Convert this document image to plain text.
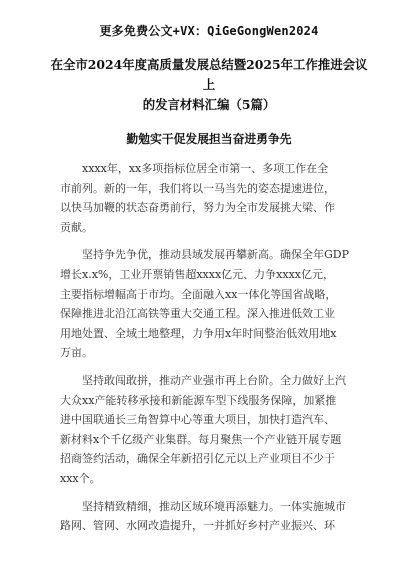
更多免费公文+VX：QiGeGongWen2024
在全市2024年度高质量发展总结暨2025年工作推进会议上
的发言材料汇编（5篇）
勤勉实干促发展担当奋进勇争先

xxxx年，xx多项指标位居全市第一、多项工作在全
市前列。新的一年，我们将以一马当先的姿态提速进位，
以快马加鞭的状态奋勇前行，努力为全市发展挑大梁、作
贡献。

坚持争先争优，推动县域发展再攀新高。确保全年GDP
增长x.x%，工业开票销售超xxxx亿元、力争xxxx亿元，
主要指标增幅高于市均。全面融入xx一体化等国省战略，
保障推进北沿江高铁等重大交通工程。深入推进低效工业
用地处置、全域土地整理，力争用x年时间整治低效用地x
万亩。

坚持敢闯敢拼，推动产业强市再上台阶。全力做好上汽
大众xx产能转移承接和新能源车型下线服务保障，加紧推
进中国联通长三角智算中心等重大项目，加快打造汽车、
新材料x个千亿级产业集群。每月聚焦一个产业链开展专题
招商签约活动，确保全年新招引亿元以上产业项目不少于
xxx个。

坚持精致精细，推动区域环境再添魅力。一体实施城市
路网、管网、水网改造提升，一并抓好乡村产业振兴、环
